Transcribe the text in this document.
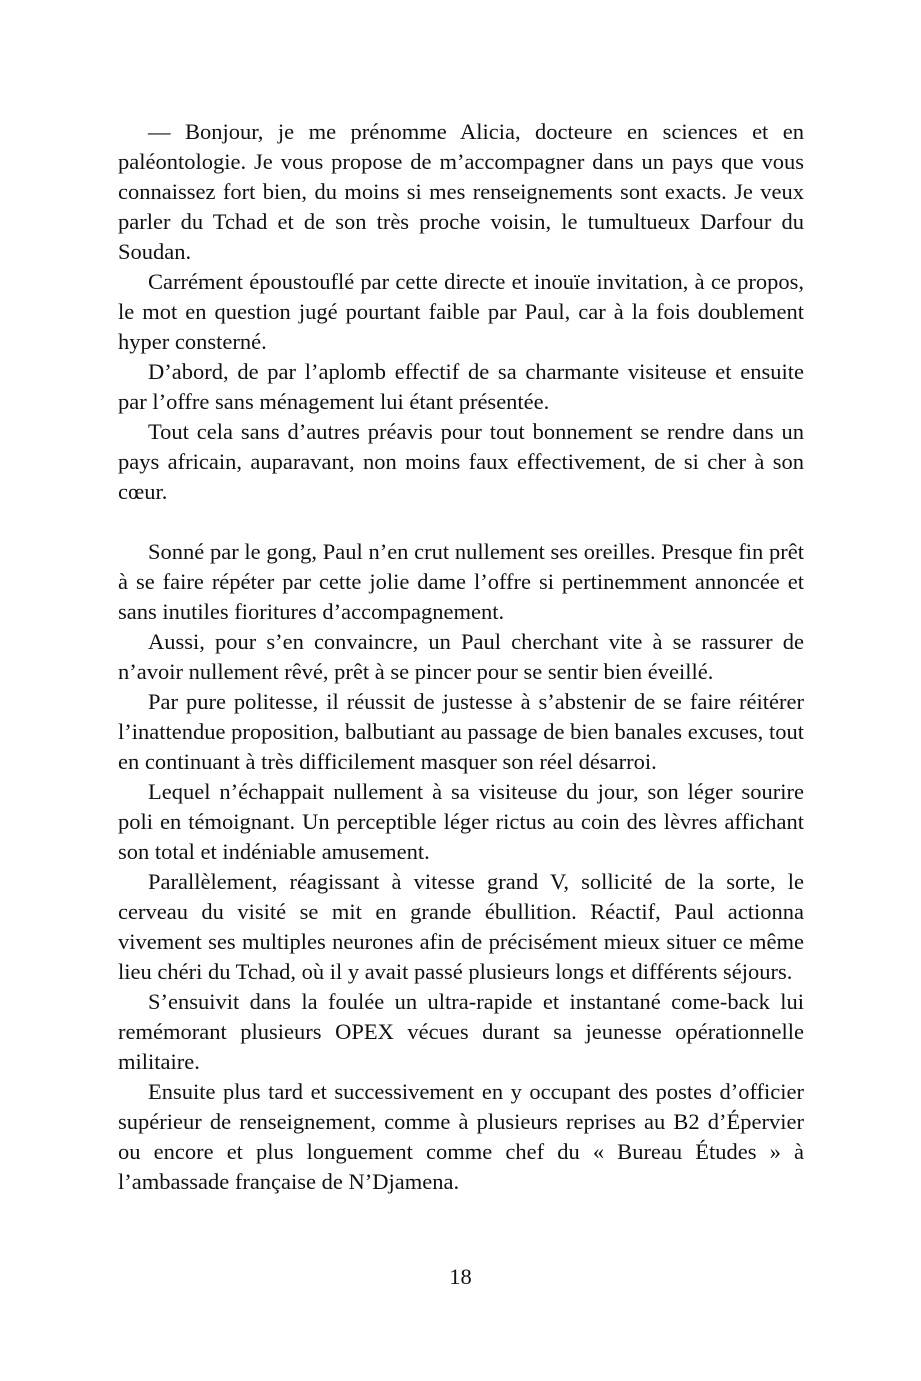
— Bonjour, je me prénomme Alicia, docteure en sciences et en paléontologie. Je vous propose de m’accompagner dans un pays que vous connaissez fort bien, du moins si mes renseignements sont exacts. Je veux parler du Tchad et de son très proche voisin, le tumultueux Darfour du Soudan.

Carrément époustouflé par cette directe et inouïe invitation, à ce propos, le mot en question jugé pourtant faible par Paul, car à la fois doublement hyper consterné.

D’abord, de par l’aplomb effectif de sa charmante visiteuse et ensuite par l’offre sans ménagement lui étant présentée.

Tout cela sans d’autres préavis pour tout bonnement se rendre dans un pays africain, auparavant, non moins faux effectivement, de si cher à son cœur.

Sonné par le gong, Paul n’en crut nullement ses oreilles. Presque fin prêt à se faire répéter par cette jolie dame l’offre si pertinemment annoncée et sans inutiles fioritures d’accompagnement.

Aussi, pour s’en convaincre, un Paul cherchant vite à se rassurer de n’avoir nullement rêvé, prêt à se pincer pour se sentir bien éveillé.

Par pure politesse, il réussit de justesse à s’abstenir de se faire réitérer l’inattendue proposition, balbutiant au passage de bien banales excuses, tout en continuant à très difficilement masquer son réel désarroi.

Lequel n’échappait nullement à sa visiteuse du jour, son léger sourire poli en témoignant. Un perceptible léger rictus au coin des lèvres affichant son total et indéniable amusement.

Parallèlement, réagissant à vitesse grand V, sollicité de la sorte, le cerveau du visité se mit en grande ébullition. Réactif, Paul actionna vivement ses multiples neurones afin de précisément mieux situer ce même lieu chéri du Tchad, où il y avait passé plusieurs longs et différents séjours.

S’ensuivit dans la foulée un ultra-rapide et instantané come-back lui remémorant plusieurs OPEX vécues durant sa jeunesse opérationnelle militaire.

Ensuite plus tard et successivement en y occupant des postes d’officier supérieur de renseignement, comme à plusieurs reprises au B2 d’Épervier ou encore et plus longuement comme chef du « Bureau Études » à l’ambassade française de N’Djamena.

18
